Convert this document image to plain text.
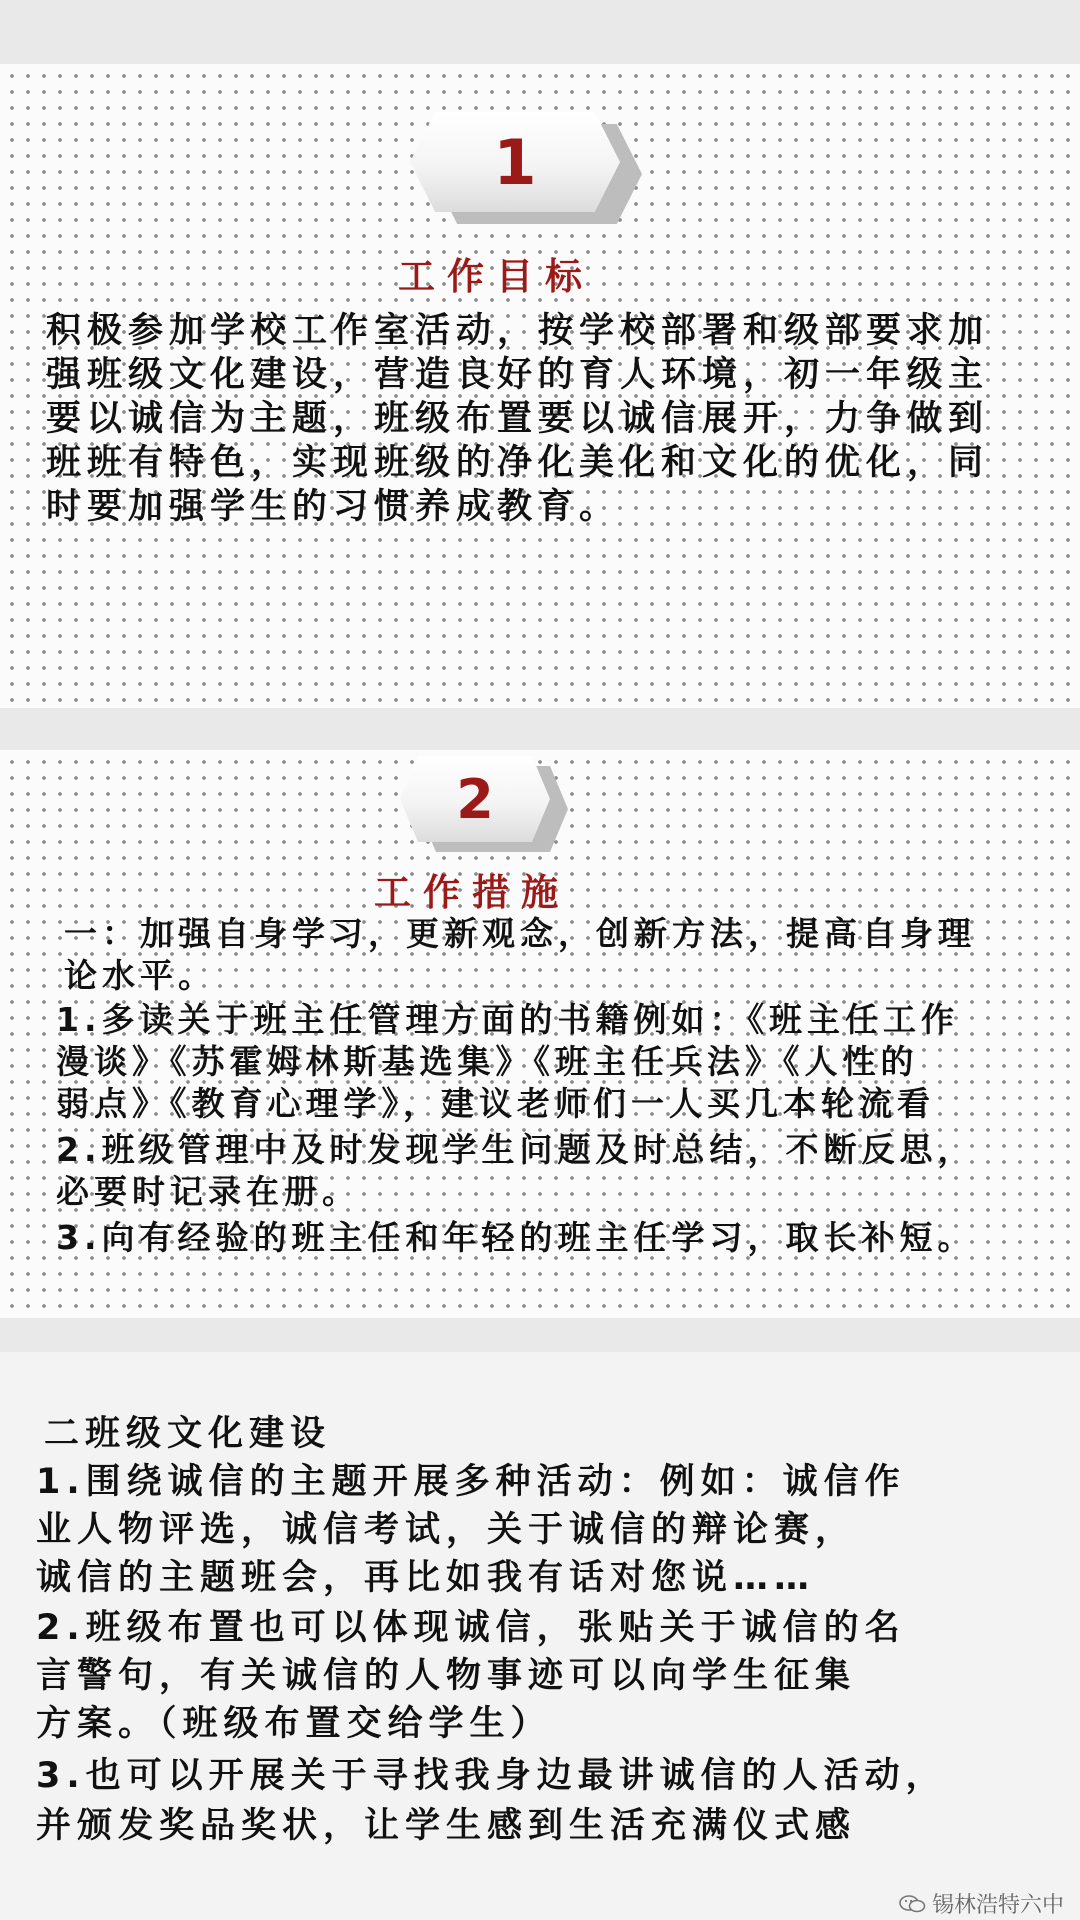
1
工作目标
积极参加学校工作室活动，按学校部署和级部要求加
强班级文化建设，营造良好的育人环境，初一年级主
要以诚信为主题，班级布置要以诚信展开，力争做到
班班有特色，实现班级的净化美化和文化的优化，同
时要加强学生的习惯养成教育。
2
工作措施
一：加强自身学习，更新观念，创新方法，提高自身理
论水平。
1.多读关于班主任管理方面的书籍例如：《班主任工作
漫谈》《苏霍姆林斯基选集》《班主任兵法》《人性的
弱点》《教育心理学》，建议老师们一人买几本轮流看
2.班级管理中及时发现学生问题及时总结，不断反思，
必要时记录在册。
3.向有经验的班主任和年轻的班主任学习，取长补短。
二班级文化建设
1.围绕诚信的主题开展多种活动：例如：诚信作
业人物评选，诚信考试，关于诚信的辩论赛，
诚信的主题班会，再比如我有话对您说……
2.班级布置也可以体现诚信，张贴关于诚信的名
言警句，有关诚信的人物事迹可以向学生征集
方案。（班级布置交给学生）
3.也可以开展关于寻找我身边最讲诚信的人活动，
并颁发奖品奖状，让学生感到生活充满仪式感
锡林浩特六中
